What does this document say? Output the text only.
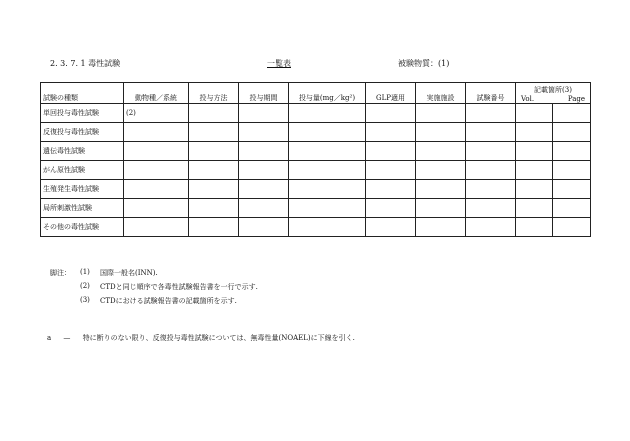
2. 3. 7. 1 毒性試験	一覧表	被験物質：(1)
試験の種類	動物種／系統	投与方法	投与期間	投与量(mg／kg²)	GLP適用	実施施設	試験番号	記載箇所(3)
Vol. Page	

単回投与毒性試験	(2)								
反復投与毒性試験									
遺伝毒性試験									
がん原性試験									
生殖発生毒性試験									
局所刺激性試験									
その他の毒性試験									
脚注： (1) 国際一般名(INN).
(2) CTDと同じ順序で各毒性試験報告書を一行で示す.
(3) CTDにおける試験報告書の記載箇所を示す.
a — 特に断りのない限り、反復投与毒性試験については、無毒性量(NOAEL)に下線を引く.
